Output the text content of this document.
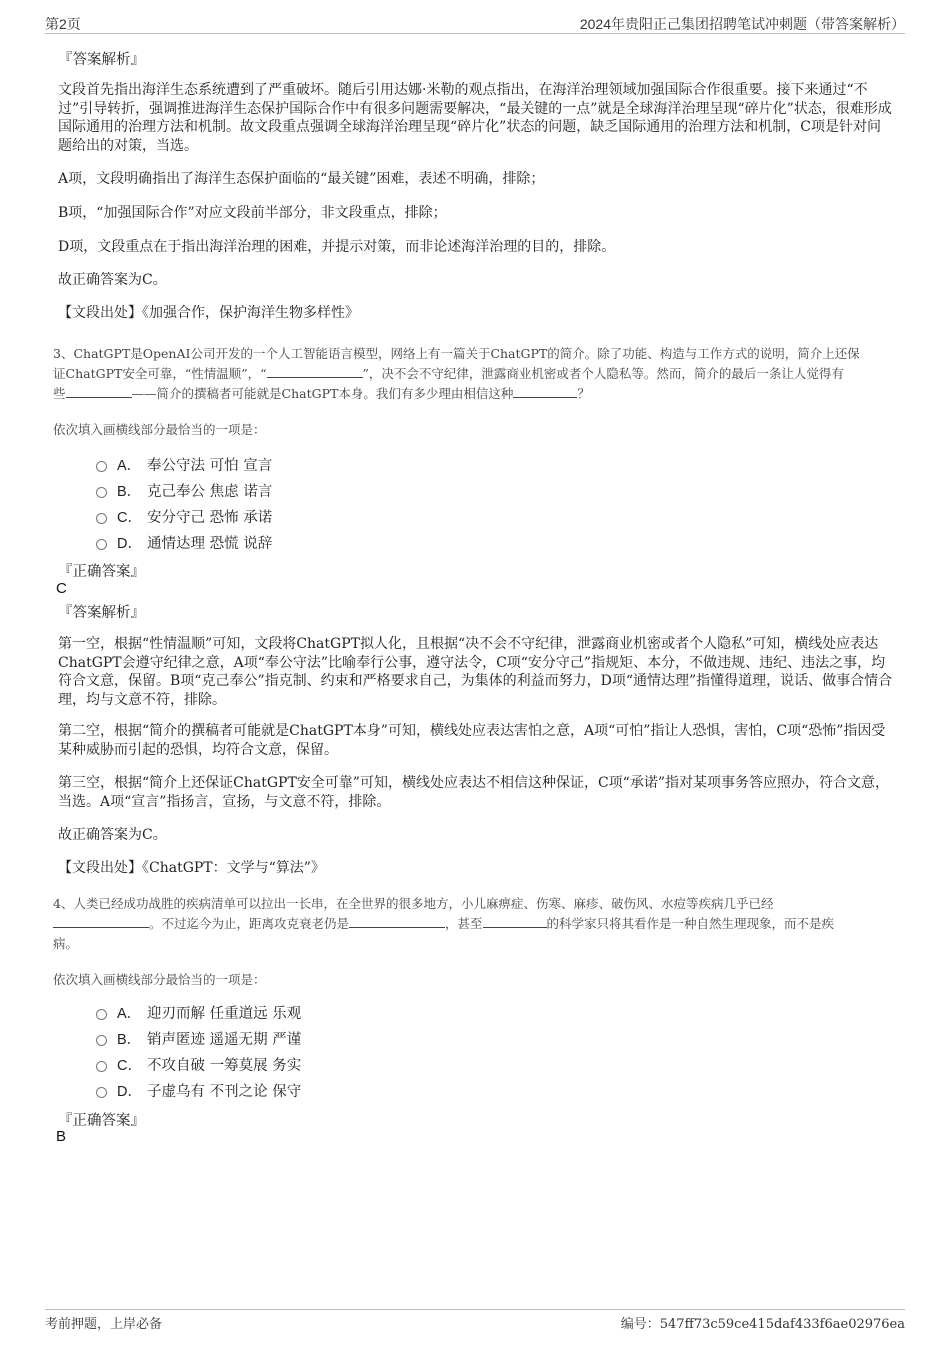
第2页	2024年贵阳正己集团招聘笔试冲刺题（带答案解析）
『答案解析』
文段首先指出海洋生态系统遭到了严重破坏。随后引用达娜·米勒的观点指出，在海洋治理领域加强国际合作很重要。接下来通过“不过”引导转折，强调推进海洋生态保护国际合作中有很多问题需要解决，“最关键的一点”就是全球海洋治理呈现“碎片化”状态，很难形成国际通用的治理方法和机制。故文段重点强调全球海洋治理呈现“碎片化”状态的问题，缺乏国际通用的治理方法和机制，C项是针对问题给出的对策，当选。
A项，文段明确指出了海洋生态保护面临的“最关键”困难，表述不明确，排除；
B项，“加强国际合作”对应文段前半部分，非文段重点，排除；
D项，文段重点在于指出海洋治理的困难，并提示对策，而非论述海洋治理的目的，排除。
故正确答案为C。
【文段出处】《加强合作，保护海洋生物多样性》
3、ChatGPT是OpenAI公司开发的一个人工智能语言模型，网络上有一篇关于ChatGPT的简介。除了功能、构造与工作方式的说明，简介上还保
证ChatGPT安全可靠，“性情温顺”，“	”，决不会不守纪律，泄露商业机密或者个人隐私等。然而，简介的最后一条让人觉得有
些	——简介的撰稿者可能就是ChatGPT本身。我们有多少理由相信这种	？
依次填入画横线部分最恰当的一项是：
A． 奉公守法 可怕 宣言
B． 克己奉公 焦虑 诺言
C． 安分守己 恐怖 承诺
D． 通情达理 恐慌 说辞
『正确答案』
C
『答案解析』
第一空，根据“性情温顺”可知，文段将ChatGPT拟人化，且根据“决不会不守纪律，泄露商业机密或者个人隐私”可知，横线处应表达ChatGPT会遵守纪律之意，A项“奉公守法”比喻奉行公事，遵守法令，C项“安分守己”指规矩、本分，不做违规、违纪、违法之事，均符合文意，保留。B项“克己奉公”指克制、约束和严格要求自己，为集体的利益而努力，D项“通情达理”指懂得道理，说话、做事合情合理，均与文意不符，排除。
第二空，根据“简介的撰稿者可能就是ChatGPT本身”可知，横线处应表达害怕之意，A项“可怕”指让人恐惧，害怕，C项“恐怖”指因受某种威胁而引起的恐惧，均符合文意，保留。
第三空，根据“简介上还保证ChatGPT安全可靠”可知，横线处应表达不相信这种保证，C项“承诺”指对某项事务答应照办，符合文意，当选。A项“宣言”指扬言，宣扬，与文意不符，排除。
故正确答案为C。
【文段出处】《ChatGPT：文学与“算法”》
4、人类已经成功战胜的疾病清单可以拉出一长串，在全世界的很多地方，小儿麻痹症、伤寒、麻疹、破伤风、水痘等疾病几乎已经
。不过迄今为止，距离攻克衰老仍是	，甚至	的科学家只将其看作是一种自然生理现象，而不是疾
病。
依次填入画横线部分最恰当的一项是：
A． 迎刃而解 任重道远 乐观
B． 销声匿迹 遥遥无期 严谨
C． 不攻自破 一筹莫展 务实
D． 子虚乌有 不刊之论 保守
『正确答案』
B
考前押题，上岸必备	编号：547ff73c59ce415daf433f6ae02976ea
